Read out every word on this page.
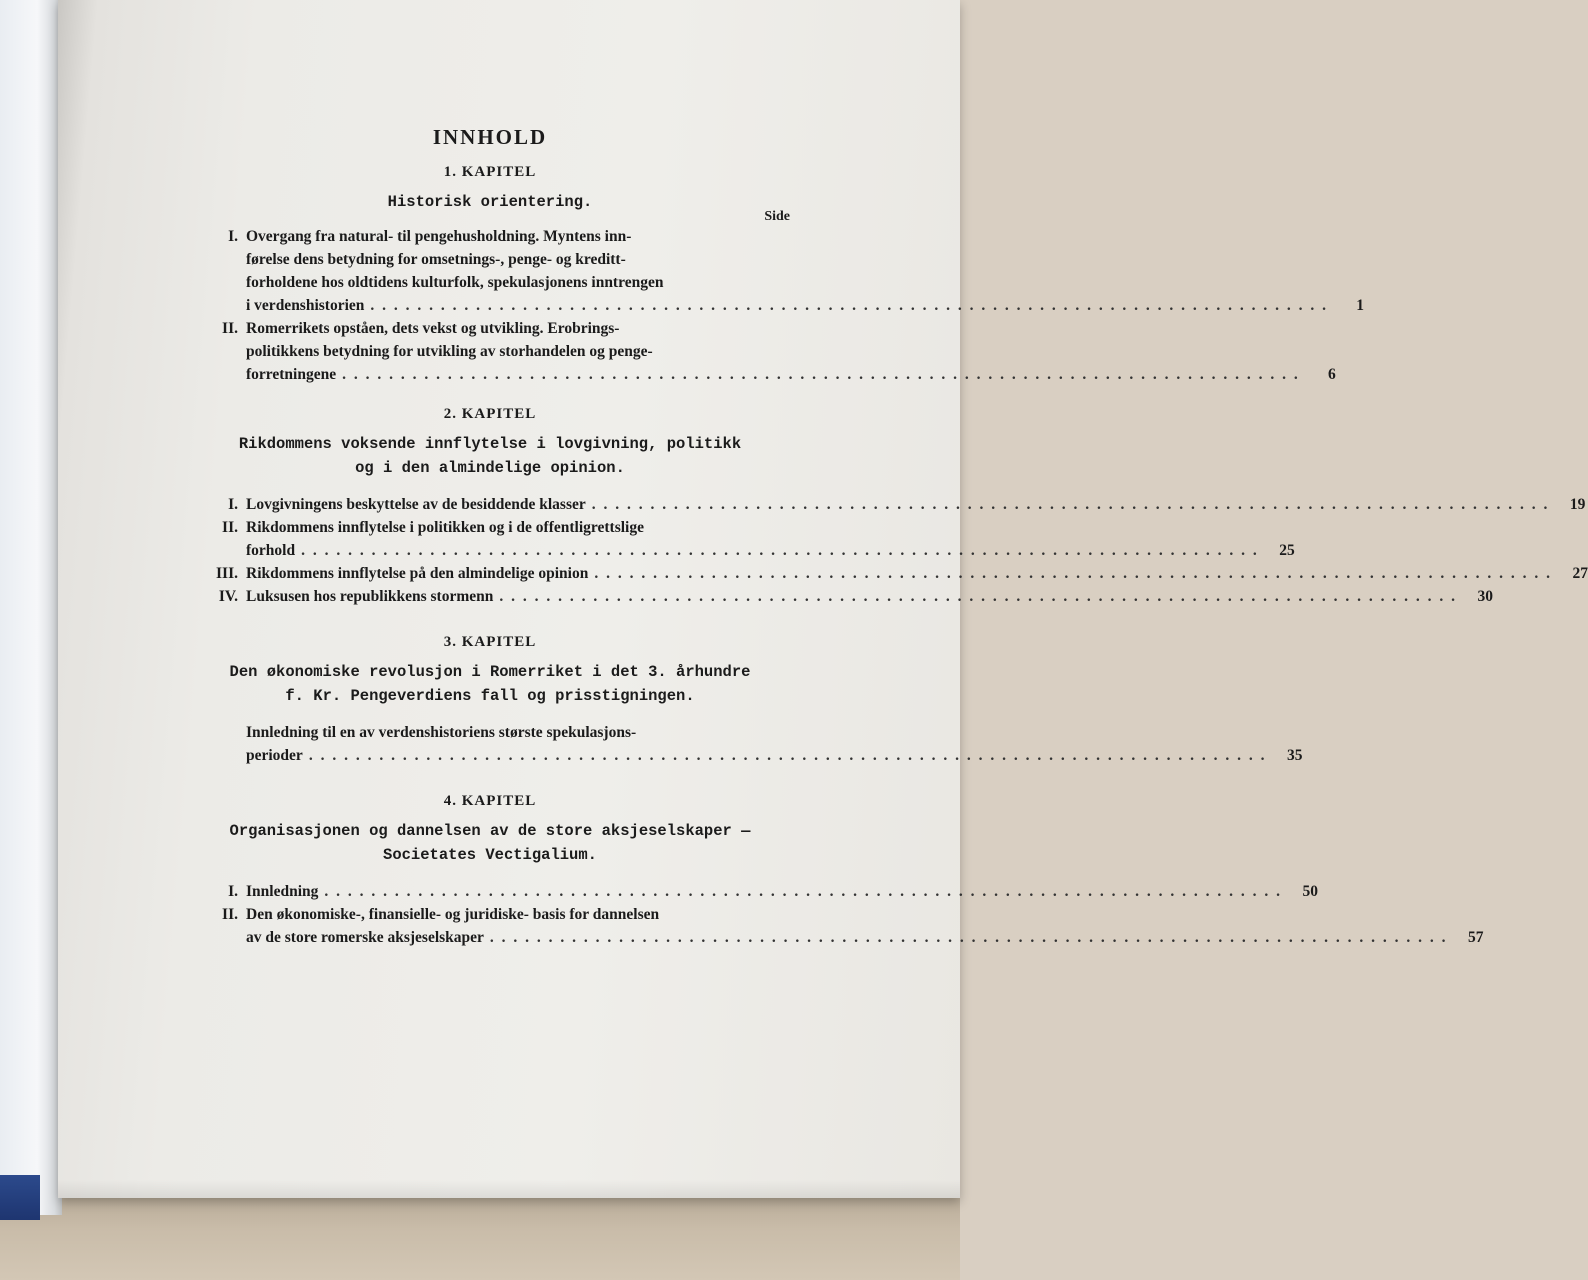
INNHOLD
1. KAPITEL
Historisk orientering.
Side
I. Overgang fra natural- til pengehusholdning. Myntens inn-
førelse dens betydning for omsetnings-, penge- og kreditt-
forholdene hos oldtidens kulturfolk, spekulasjonens inntrengen
i verdenshistorien . . .	1
II. Romerrikets opståen, dets vekst og utvikling. Erobrings-
politikkens betydning for utvikling av storhandelen og penge-
forretningene . . .	6
2. KAPITEL
Rikdommens voksende innflytelse i lovgivning, politikk
og i den almindelige opinion.
I. Lovgivningens beskyttelse av de besiddende klasser . . .	19
II. Rikdommens innflytelse i politikken og i de offentligrettslige
forhold . . .	25
III. Rikdommens innflytelse på den almindelige opinion . . .	27
IV. Luksusen hos republikkens stormenn . . .	30
3. KAPITEL
Den økonomiske revolusjon i Romerriket i det 3. århundre
f. Kr. Pengeverdiens fall og prisstigningen.
Innledning til en av verdenshistoriens største spekulasjons-
perioder . . .	35
4. KAPITEL
Organisasjonen og dannelsen av de store aksjeselskaper —
Societates Vectigalium.
I. Innledning . . .	50
II. Den økonomiske-, finansielle- og juridiske- basis for dannelsen
av de store romerske aksjeselskaper . . .	57
